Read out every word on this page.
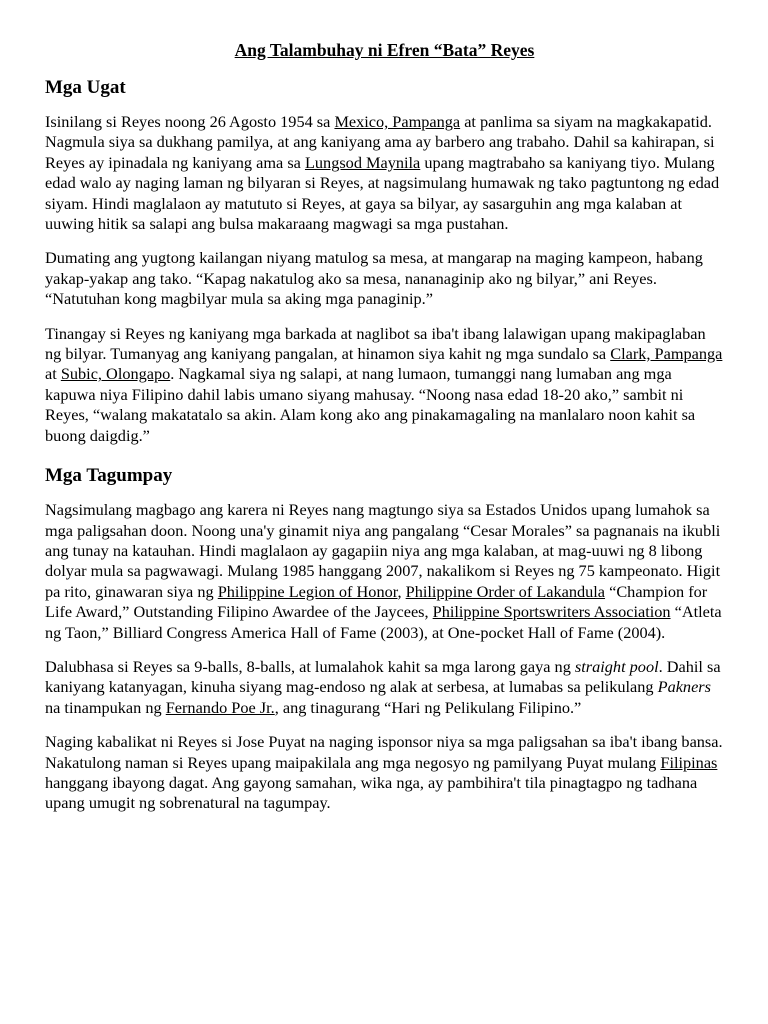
Ang Talambuhay ni Efren “Bata” Reyes
Mga Ugat

Isinilang si Reyes noong 26 Agosto 1954 sa Mexico, Pampanga at panlima sa siyam na magkakapatid. Nagmula siya sa dukhang pamilya, at ang kaniyang ama ay barbero ang trabaho. Dahil sa kahirapan, si Reyes ay ipinadala ng kaniyang ama sa Lungsod Maynila upang magtrabaho sa kaniyang tiyo. Mulang edad walo ay naging laman ng bilyaran si Reyes, at nagsimulang humawak ng tako pagtuntong ng edad siyam. Hindi maglalaon ay matututo si Reyes, at gaya sa bilyar, ay sasarguhin ang mga kalaban at uuwing hitik sa salapi ang bulsa makaraang magwagi sa mga pustahan.

Dumating ang yugtong kailangan niyang matulog sa mesa, at mangarap na maging kampeon, habang yakap-yakap ang tako. “Kapag nakatulog ako sa mesa, nananaginip ako ng bilyar,” ani Reyes. “Natutuhan kong magbilyar mula sa aking mga panaginip.”

Tinangay si Reyes ng kaniyang mga barkada at naglibot sa iba't ibang lalawigan upang makipaglaban ng bilyar. Tumanyag ang kaniyang pangalan, at hinamon siya kahit ng mga sundalo sa Clark, Pampanga at Subic, Olongapo. Nagkamal siya ng salapi, at nang lumaon, tumanggi nang lumaban ang mga kapuwa niya Filipino dahil labis umano siyang mahusay. “Noong nasa edad 18-20 ako,” sambit ni Reyes, “walang makatatalo sa akin. Alam kong ako ang pinakamagaling na manlalaro noon kahit sa buong daigdig.”

Mga Tagumpay

Nagsimulang magbago ang karera ni Reyes nang magtungo siya sa Estados Unidos upang lumahok sa mga paligsahan doon. Noong una'y ginamit niya ang pangalang “Cesar Morales” sa pagnanais na ikubli ang tunay na katauhan. Hindi maglalaon ay gagapiin niya ang mga kalaban, at mag-uuwi ng 8 libong dolyar mula sa pagwawagi. Mulang 1985 hanggang 2007, nakalikom si Reyes ng 75 kampeonato. Higit pa rito, ginawaran siya ng Philippine Legion of Honor, Philippine Order of Lakandula “Champion for Life Award,” Outstanding Filipino Awardee of the Jaycees, Philippine Sportswriters Association “Atleta ng Taon,” Billiard Congress America Hall of Fame (2003), at One-pocket Hall of Fame (2004).

Dalubhasa si Reyes sa 9-balls, 8-balls, at lumalahok kahit sa mga larong gaya ng straight pool. Dahil sa kaniyang katanyagan, kinuha siyang mag-endoso ng alak at serbesa, at lumabas sa pelikulang Pakners na tinampukan ng Fernando Poe Jr., ang tinagurang “Hari ng Pelikulang Filipino.”

Naging kabalikat ni Reyes si Jose Puyat na naging isponsor niya sa mga paligsahan sa iba't ibang bansa. Nakatulong naman si Reyes upang maipakilala ang mga negosyo ng pamilyang Puyat mulang Filipinas hanggang ibayong dagat. Ang gayong samahan, wika nga, ay pambihira't tila pinagtagpo ng tadhana upang umugit ng sobrenatural na tagumpay.
